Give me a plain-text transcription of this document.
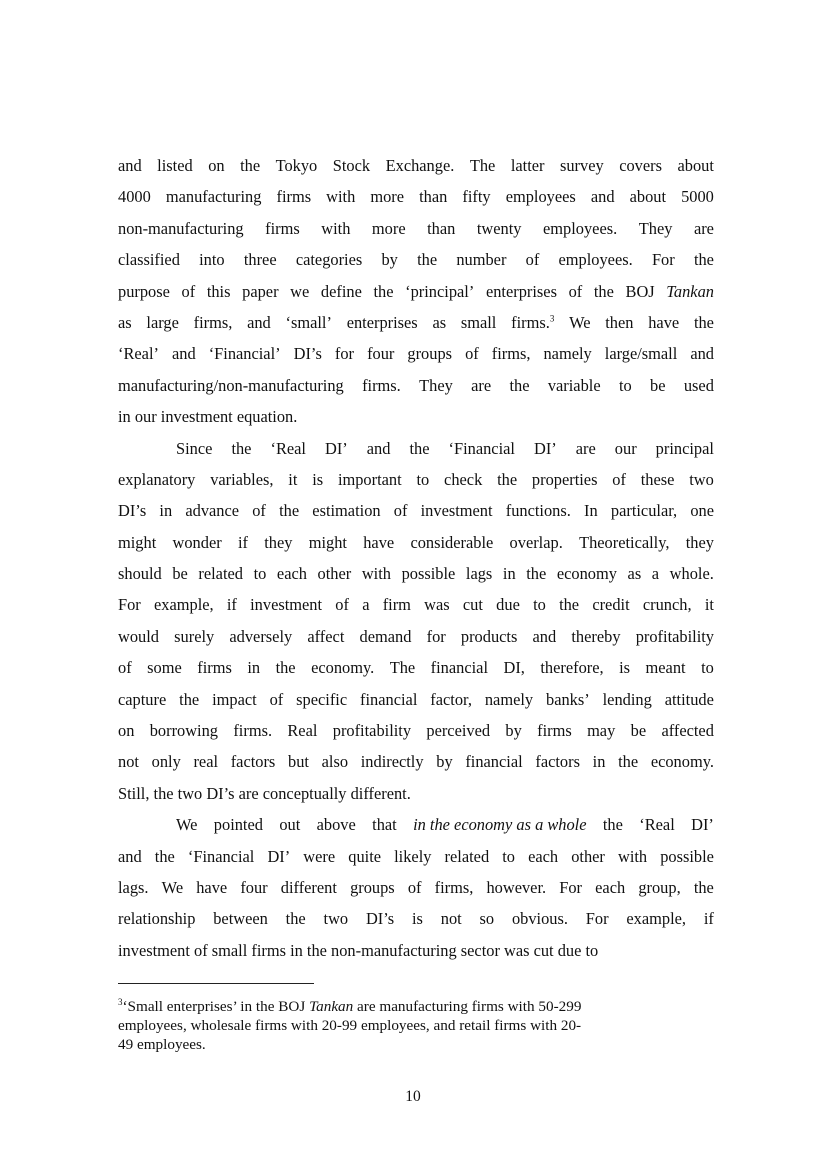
and listed on the Tokyo Stock Exchange. The latter survey covers about
4000 manufacturing firms with more than fifty employees and about 5000
non-manufacturing firms with more than twenty employees. They are
classified into three categories by the number of employees. For the
purpose of this paper we define the ‘principal’ enterprises of the BOJ Tankan
as large firms, and ‘small’ enterprises as small firms.$^3$ We then have the
‘Real’ and ‘Financial’ DI’s for four groups of firms, namely large/small and
manufacturing/non-manufacturing firms. They are the variable to be used
in our investment equation.
Since the ‘Real DI’ and the ‘Financial DI’ are our principal
explanatory variables, it is important to check the properties of these two
DI’s in advance of the estimation of investment functions. In particular, one
might wonder if they might have considerable overlap. Theoretically, they
should be related to each other with possible lags in the economy as a whole.
For example, if investment of a firm was cut due to the credit crunch, it
would surely adversely affect demand for products and thereby profitability
of some firms in the economy. The financial DI, therefore, is meant to
capture the impact of specific financial factor, namely banks’ lending attitude
on borrowing firms. Real profitability perceived by firms may be affected
not only real factors but also indirectly by financial factors in the economy.
Still, the two DI’s are conceptually different.
We pointed out above that in the economy as a whole the ‘Real DI’
and the ‘Financial DI’ were quite likely related to each other with possible
lags. We have four different groups of firms, however. For each group, the
relationship between the two DI’s is not so obvious. For example, if
investment of small firms in the non-manufacturing sector was cut due to
$^3$‘Small enterprises’ in the BOJ Tankan are manufacturing firms with 50-299
employees, wholesale firms with 20-99 employees, and retail firms with 20-
49 employees.
10
